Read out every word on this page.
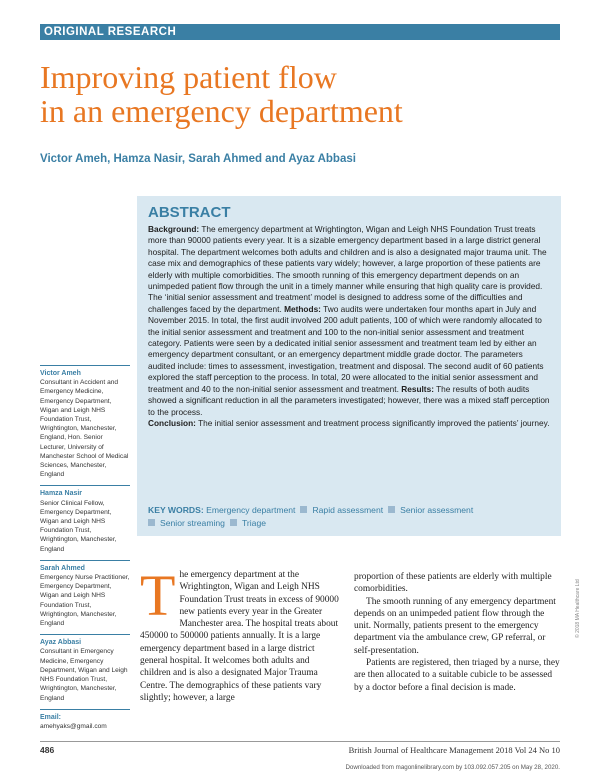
ORIGINAL RESEARCH
Improving patient flow
in an emergency department
Victor Ameh, Hamza Nasir, Sarah Ahmed and Ayaz Abbasi
ABSTRACT

Background: The emergency department at Wrightington, Wigan and Leigh NHS Foundation Trust treats more than 90000 patients every year. It is a sizable emergency department based in a large district general hospital. The department welcomes both adults and children and is also a designated major trauma unit. The case mix and demographics of these patients vary widely; however, a large proportion of these patients are elderly with multiple comorbidities. The smooth running of this emergency department depends on an unimpeded patient flow through the unit in a timely manner while ensuring that high quality care is provided. The ‘initial senior assessment and treatment’ model is designed to address some of the difficulties and challenges faced by the department. Methods: Two audits were undertaken four months apart in July and November 2015. In total, the first audit involved 200 adult patients, 100 of which were randomly allocated to the initial senior assessment and treatment and 100 to the non-initial senior assessment and treatment category. Patients were seen by a dedicated initial senior assessment and treatment team led by either an emergency department consultant, or an emergency department middle grade doctor. The parameters audited include: times to assessment, investigation, treatment and disposal. The second audit of 60 patients explored the staff perception to the process. In total, 20 were allocated to the initial senior assessment and treatment and 40 to the non-initial senior assessment and treatment. Results: The results of both audits showed a significant reduction in all the parameters investigated; however, there was a mixed staff perception to the process.
Conclusion: The initial senior assessment and treatment process significantly improved the patients’ journey.

KEY WORDS: Emergency department Rapid assessment Senior assessment
Senior streaming Triage
Victor Ameh
Consultant in Accident and Emergency Medicine, Emergency Department, Wigan and Leigh NHS Foundation Trust, Wrightington, Manchester, England, Hon. Senior Lecturer, University of Manchester School of Medical Sciences, Manchester, England
Hamza Nasir
Senior Clinical Fellow, Emergency Department, Wigan and Leigh NHS Foundation Trust, Wrightington, Manchester, England
Sarah Ahmed
Emergency Nurse Practitioner, Emergency Department, Wigan and Leigh NHS Foundation Trust, Wrightington, Manchester, England
Ayaz Abbasi
Consultant in Emergency Medicine, Emergency Department, Wigan and Leigh NHS Foundation Trust, Wrightington, Manchester, England
Email:
amehyaks@gmail.com
T he emergency department at the Wrightington, Wigan and Leigh NHS Foundation Trust treats in excess of 90000 new patients every year in the Greater Manchester area. The hospital treats about 450000 to 500000 patients annually. It is a large emergency department based in a large district general hospital. It welcomes both adults and children and is also a designated Major Trauma Centre. The demographics of these patients vary slightly; however, a large

proportion of these patients are elderly with multiple comorbidities.

The smooth running of any emergency department depends on an unimpeded patient flow through the unit. Normally, patients present to the emergency department via the ambulance crew, GP referral, or self-presentation.

Patients are registered, then triaged by a nurse, they are then allocated to a suitable cubicle to be assessed by a doctor before a final decision is made.

© 2018 MA Healthcare Ltd
486	British Journal of Healthcare Management 2018 Vol 24 No 10
Downloaded from magonlinelibrary.com by 103.092.057.205 on May 28, 2020.
